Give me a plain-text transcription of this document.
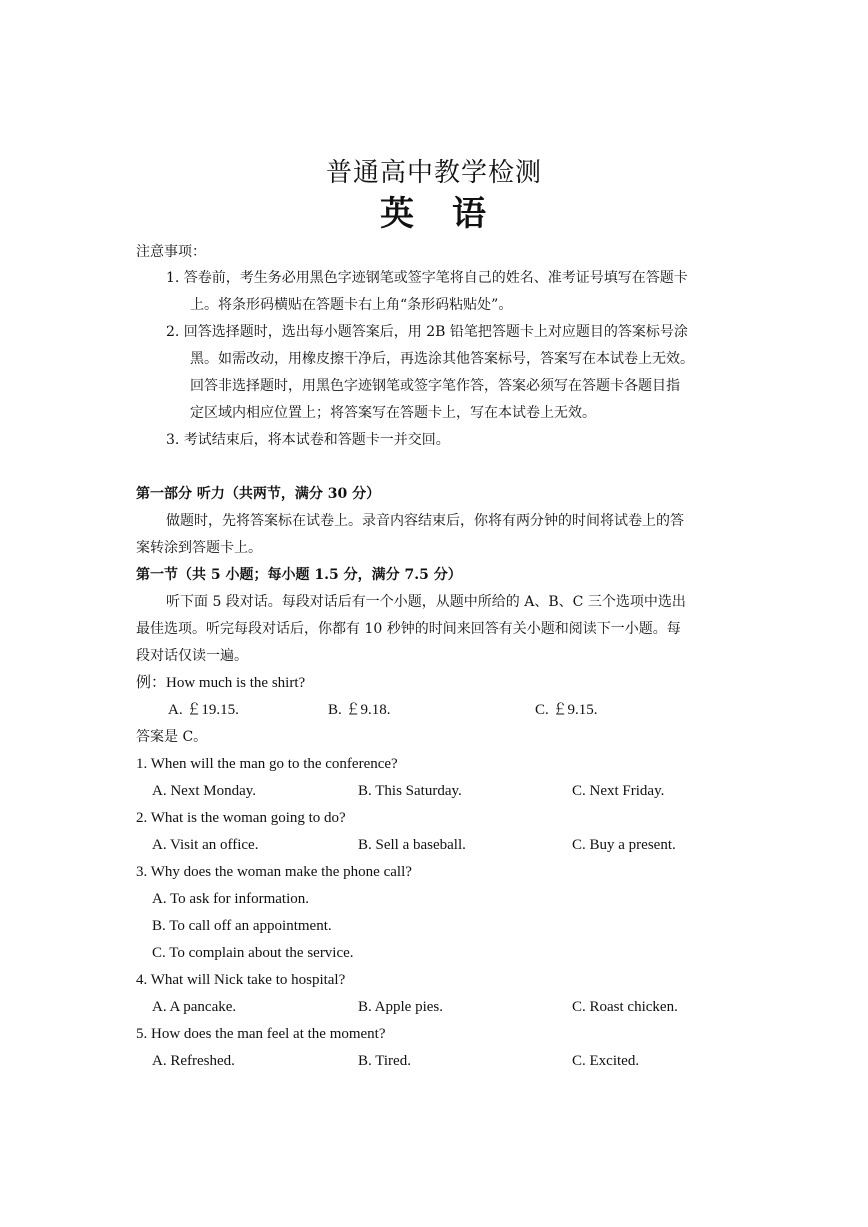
普通高中教学检测
英　语
注意事项：
1. 答卷前，考生务必用黑色字迹钢笔或签字笔将自己的姓名、准考证号填写在答题卡
上。将条形码横贴在答题卡右上角“条形码粘贴处”。
2. 回答选择题时，选出每小题答案后，用 2B 铅笔把答题卡上对应题目的答案标号涂
黑。如需改动，用橡皮擦干净后，再选涂其他答案标号，答案写在本试卷上无效。
回答非选择题时，用黑色字迹钢笔或签字笔作答，答案必须写在答题卡各题目指
定区域内相应位置上；将答案写在答题卡上，写在本试卷上无效。
3. 考试结束后，将本试卷和答题卡一并交回。
第一部分 听力（共两节，满分 30 分）
做题时，先将答案标在试卷上。录音内容结束后，你将有两分钟的时间将试卷上的答
案转涂到答题卡上。
第一节（共 5 小题；每小题 1.5 分，满分 7.5 分）
听下面 5 段对话。每段对话后有一个小题，从题中所给的 A、B、C 三个选项中选出
最佳选项。听完每段对话后，你都有 10 秒钟的时间来回答有关小题和阅读下一小题。每
段对话仅读一遍。
例：How much is the shirt?
A. ￡19.15.	B. ￡9.18.	C. ￡9.15.
答案是 C。
1. When will the man go to the conference?
A. Next Monday.	B. This Saturday.	C. Next Friday.
2. What is the woman going to do?
A. Visit an office.	B. Sell a baseball.	C. Buy a present.
3. Why does the woman make the phone call?
A. To ask for information.
B. To call off an appointment.
C. To complain about the service.
4. What will Nick take to hospital?
A. A pancake.	B. Apple pies.	C. Roast chicken.
5. How does the man feel at the moment?
A. Refreshed.	B. Tired.	C. Excited.
